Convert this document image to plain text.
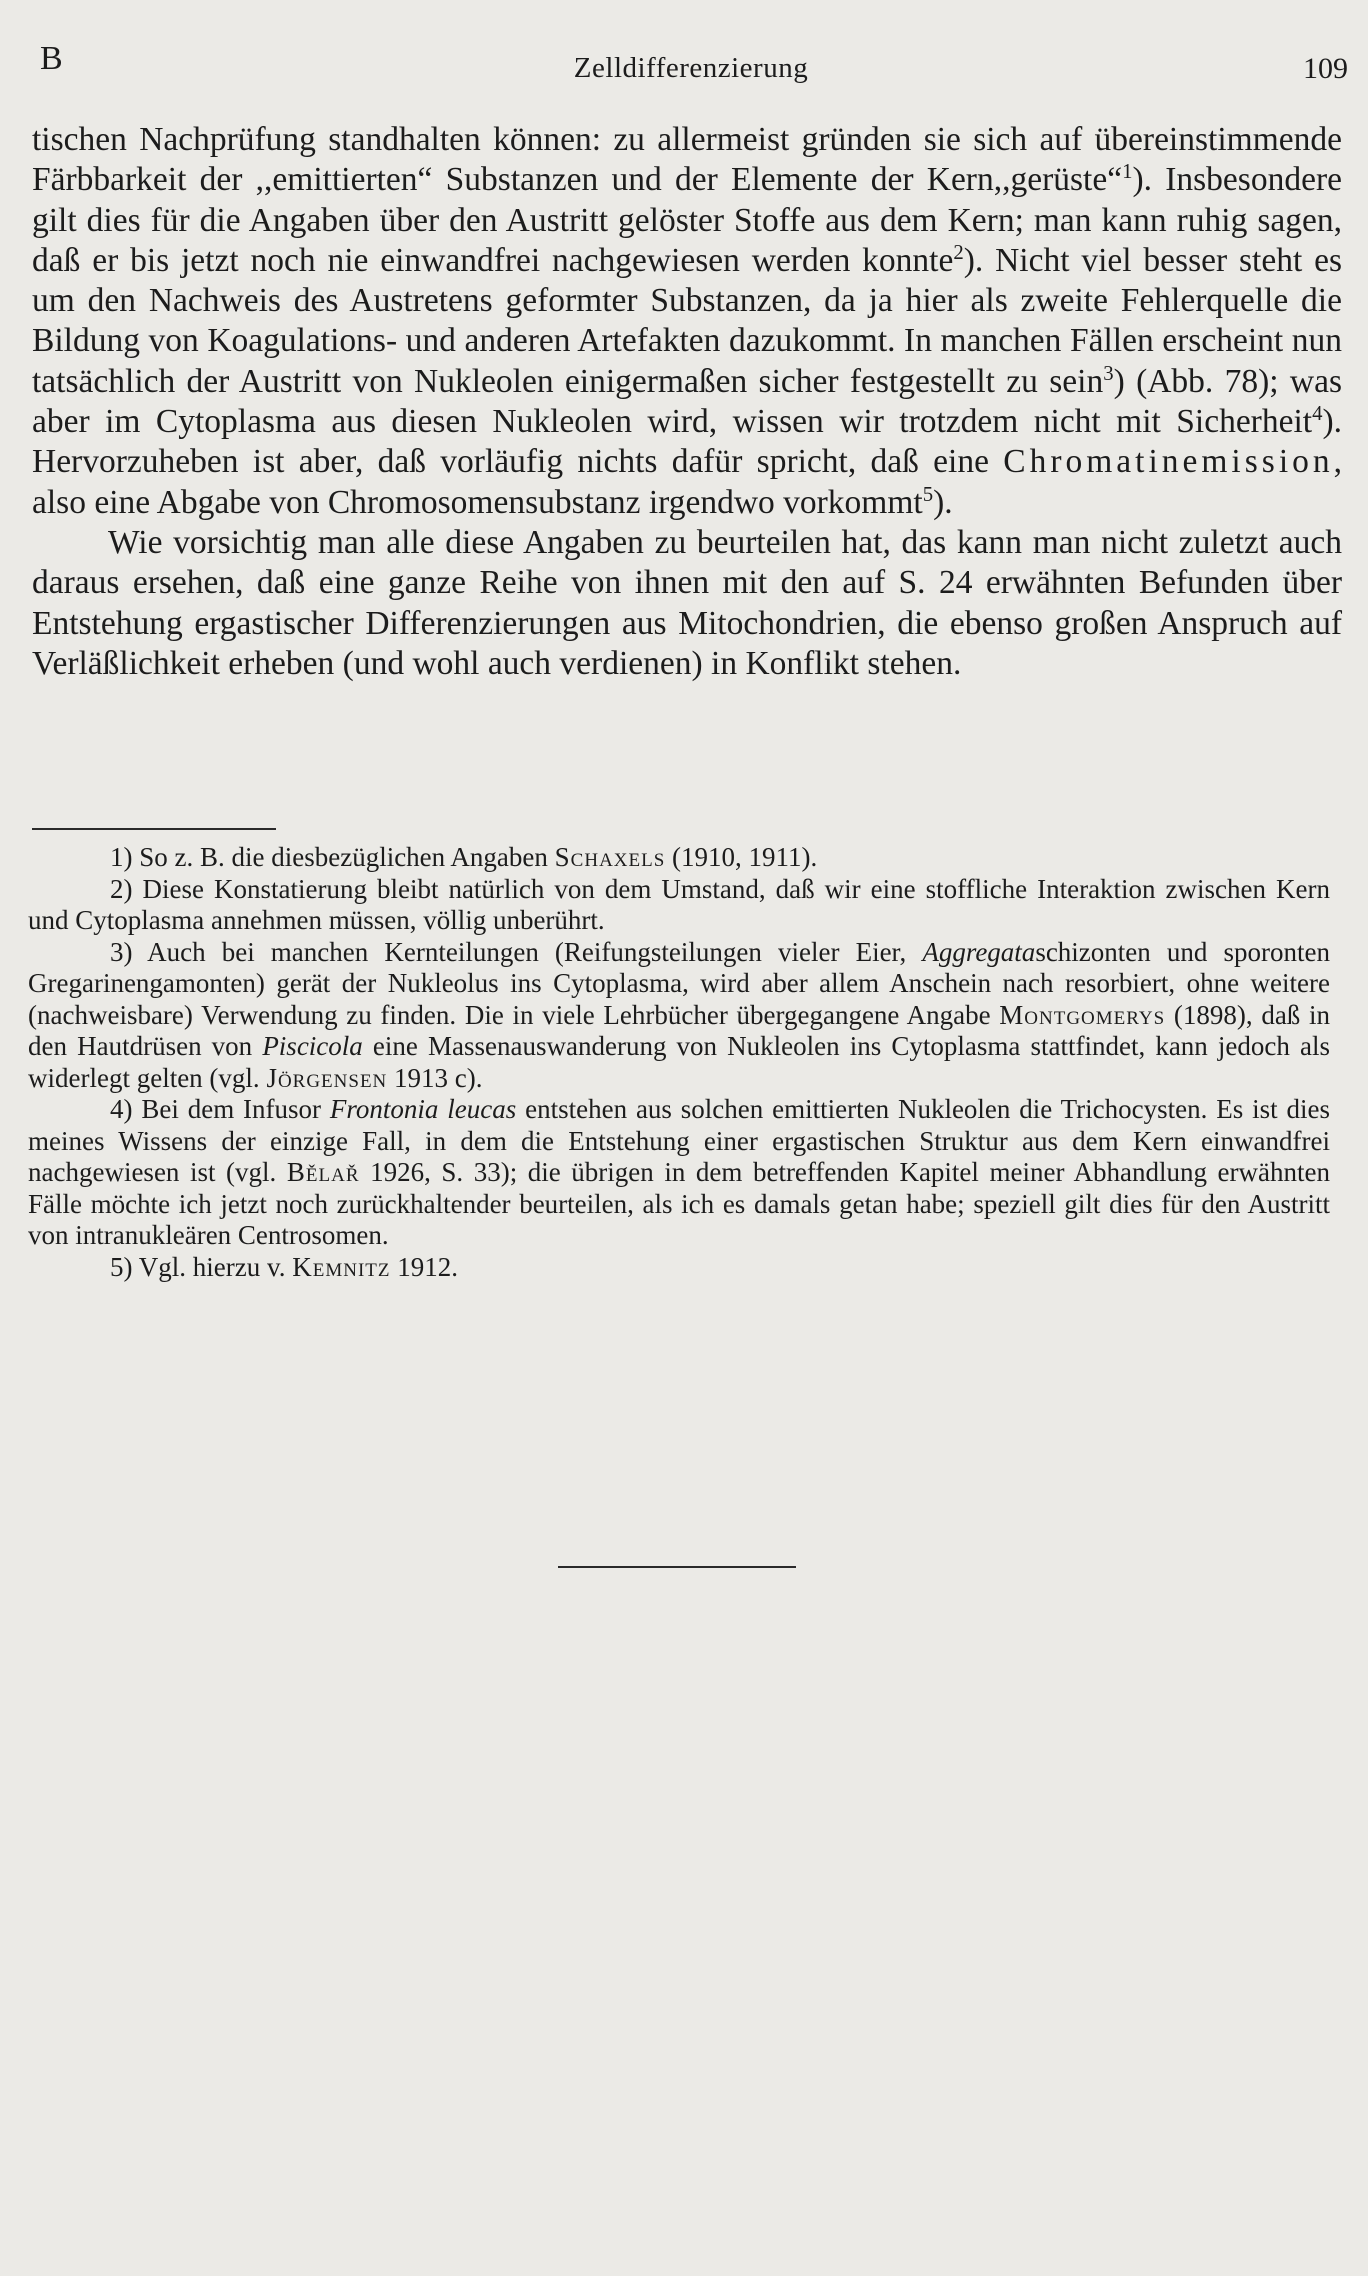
B	Zelldifferenzierung	109

tischen Nachprüfung standhalten können: zu allermeist gründen sie sich auf übereinstimmende Färbbarkeit der ,,emittierten“ Substanzen und der Elemente der Kern,,gerüste“$^1$). Insbesondere gilt dies für die Angaben über den Austritt gelöster Stoffe aus dem Kern; man kann ruhig sagen, daß er bis jetzt noch nie einwandfrei nachgewiesen werden konnte$^2$). Nicht viel besser steht es um den Nachweis des Austretens geformter Substanzen, da ja hier als zweite Fehlerquelle die Bildung von Koagulations- und anderen Artefakten dazukommt. In manchen Fällen erscheint nun tatsächlich der Austritt von Nukleolen einigermaßen sicher festgestellt zu sein$^3$) (Abb. 78); was aber im Cytoplasma aus diesen Nukleolen wird, wissen wir trotzdem nicht mit Sicherheit$^4$). Hervorzuheben ist aber, daß vorläufig nichts dafür spricht, daß eine Chromatinemission, also eine Abgabe von Chromosomensubstanz irgendwo vorkommt$^5$).

Wie vorsichtig man alle diese Angaben zu beurteilen hat, das kann man nicht zuletzt auch daraus ersehen, daß eine ganze Reihe von ihnen mit den auf S. 24 erwähnten Befunden über Entstehung ergastischer Differenzierungen aus Mitochondrien, die ebenso großen Anspruch auf Verläßlichkeit erheben (und wohl auch verdienen) in Konflikt stehen.

1) So z. B. die diesbezüglichen Angaben Schaxels (1910, 1911).

2) Diese Konstatierung bleibt natürlich von dem Umstand, daß wir eine stoffliche Interaktion zwischen Kern und Cytoplasma annehmen müssen, völlig unberührt.

3) Auch bei manchen Kernteilungen (Reifungsteilungen vieler Eier, Aggregataschizonten und sporonten Gregarinengamonten) gerät der Nukleolus ins Cytoplasma, wird aber allem Anschein nach resorbiert, ohne weitere (nachweisbare) Verwendung zu finden. Die in viele Lehrbücher übergegangene Angabe Montgomerys (1898), daß in den Hautdrüsen von Piscicola eine Massenauswanderung von Nukleolen ins Cytoplasma stattfindet, kann jedoch als widerlegt gelten (vgl. Jörgensen 1913 c).

4) Bei dem Infusor Frontonia leucas entstehen aus solchen emittierten Nukleolen die Trichocysten. Es ist dies meines Wissens der einzige Fall, in dem die Entstehung einer ergastischen Struktur aus dem Kern einwandfrei nachgewiesen ist (vgl. Bělař 1926, S. 33); die übrigen in dem betreffenden Kapitel meiner Abhandlung erwähnten Fälle möchte ich jetzt noch zurückhaltender beurteilen, als ich es damals getan habe; speziell gilt dies für den Austritt von intranukleären Centrosomen.

5) Vgl. hierzu v. Kemnitz 1912.
